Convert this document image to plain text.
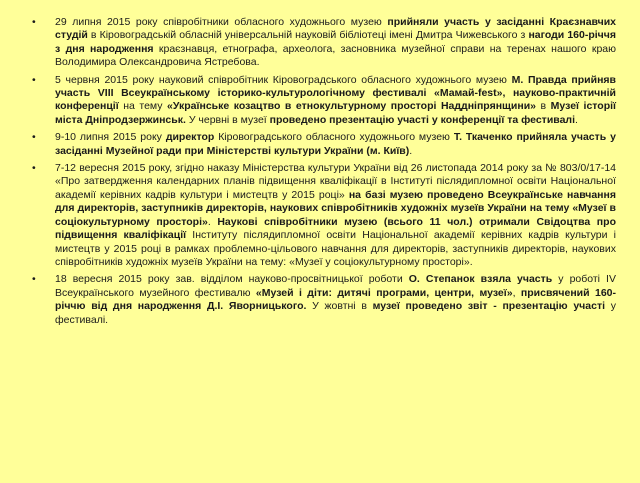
• 29 липня 2015 року співробітники обласного художнього музею прийняли участь у засіданні Краєзнавчих студій в Кіровоградській обласній універсальній науковій бібліотеці імені Дмитра Чижевського з нагоди 160-річчя з дня народження краєзнавця, етнографа, археолога, засновника музейної справи на теренах нашого краю Володимира Олександровича Ястребова.
• 5 червня 2015 року науковий співробітник Кіровоградського обласного художнього музею М. Правда прийняв участь VIII Всеукраїнському історико-культурологічному фестивалі «Мамай-fest», науково-практичній конференції на тему «Українське козацтво в етнокультурному просторі Наддніпрянщини» в Музеї історії міста Дніпродзержинськ. У червні в музеї проведено презентацію участі у конференції та фестивалі.
• 9-10 липня 2015 року директор Кіровоградського обласного художнього музею Т. Ткаченко прийняла участь у засіданні Музейної ради при Міністерстві культури України (м. Київ).
• 7-12 вересня 2015 року, згідно наказу Міністерства культури України від 26 листопада 2014 року за № 803/0/17-14 «Про затвердження календарних планів підвищення кваліфікації в Інституті післядипломної освіти Національної академії керівних кадрів культури і мистецтв у 2015 році» на базі музею проведено Всеукраїнське навчання для директорів, заступників директорів, наукових співробітників художніх музеїв України на тему «Музеї в соціокультурному просторі». Наукові співробітники музею (всього 11 чол.) отримали Свідоцтва про підвищення кваліфікації Інституту післядипломної освіти Національної академії керівних кадрів культури і мистецтв у 2015 році в рамках проблемно-цільового навчання для директорів, заступників директорів, наукових співробітників художніх музеїв України на тему: «Музеї у соціокультурному просторі».
• 18 вересня 2015 року зав. відділом науково-просвітницької роботи О. Степанок взяла участь у роботі IV Всеукраїнського музейного фестивалю «Музей і діти: дитячі програми, центри, музеї», присвячений 160-річчю від дня народження Д.І. Яворницького. У жовтні в музеї проведено звіт - презентацію участі у фестивалі.
